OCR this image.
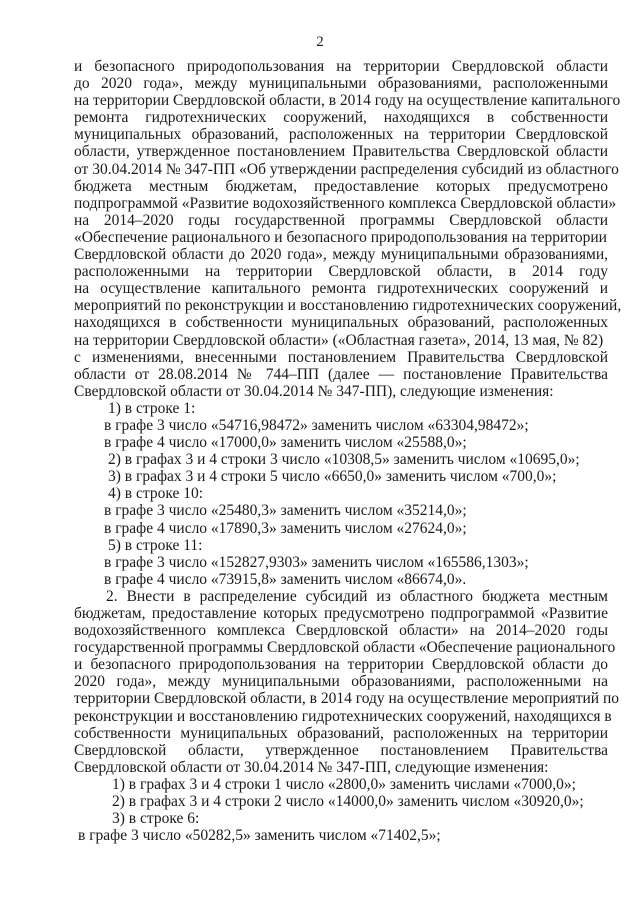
2
и безопасного природопользования на территории Свердловской области
до 2020 года», между муниципальными образованиями, расположенными
на территории Свердловской области, в 2014 году на осуществление капитального
ремонта гидротехнических сооружений, находящихся в собственности
муниципальных образований, расположенных на территории Свердловской
области, утвержденное постановлением Правительства Свердловской области
от 30.04.2014 № 347-ПП «Об утверждении распределения субсидий из областного
бюджета местным бюджетам, предоставление которых предусмотрено
подпрограммой «Развитие водохозяйственного комплекса Свердловской области»
на 2014–2020 годы государственной программы Свердловской области
«Обеспечение рационального и безопасного природопользования на территории
Свердловской области до 2020 года», между муниципальными образованиями,
расположенными на территории Свердловской области, в 2014 году
на осуществление капитального ремонта гидротехнических сооружений и
мероприятий по реконструкции и восстановлению гидротехнических сооружений,
находящихся в собственности муниципальных образований, расположенных
на территории Свердловской области» («Областная газета», 2014, 13 мая, № 82)
с изменениями, внесенными постановлением Правительства Свердловской
области от 28.08.2014 № 744–ПП (далее — постановление Правительства
Свердловской области от 30.04.2014 № 347-ПП), следующие изменения:
1) в строке 1:
в графе 3 число «54716,98472» заменить числом «63304,98472»;
в графе 4 число «17000,0» заменить числом «25588,0»;
2) в графах 3 и 4 строки 3 число «10308,5» заменить числом «10695,0»;
3) в графах 3 и 4 строки 5 число «6650,0» заменить числом «700,0»;
4) в строке 10:
в графе 3 число «25480,3» заменить числом «35214,0»;
в графе 4 число «17890,3» заменить числом «27624,0»;
5) в строке 11:
в графе 3 число «152827,9303» заменить числом «165586,1303»;
в графе 4 число «73915,8» заменить числом «86674,0».
2. Внести в распределение субсидий из областного бюджета местным
бюджетам, предоставление которых предусмотрено подпрограммой «Развитие
водохозяйственного комплекса Свердловской области» на 2014–2020 годы
государственной программы Свердловской области «Обеспечение рационального
и безопасного природопользования на территории Свердловской области до
2020 года», между муниципальными образованиями, расположенными на
территории Свердловской области, в 2014 году на осуществление мероприятий по
реконструкции и восстановлению гидротехнических сооружений, находящихся в
собственности муниципальных образований, расположенных на территории
Свердловской области, утвержденное постановлением Правительства
Свердловской области от 30.04.2014 № 347-ПП, следующие изменения:
1) в графах 3 и 4 строки 1 число «2800,0» заменить числами «7000,0»;
2) в графах 3 и 4 строки 2 число «14000,0» заменить числом «30920,0»;
3) в строке 6:
в графе 3 число «50282,5» заменить числом «71402,5»;
